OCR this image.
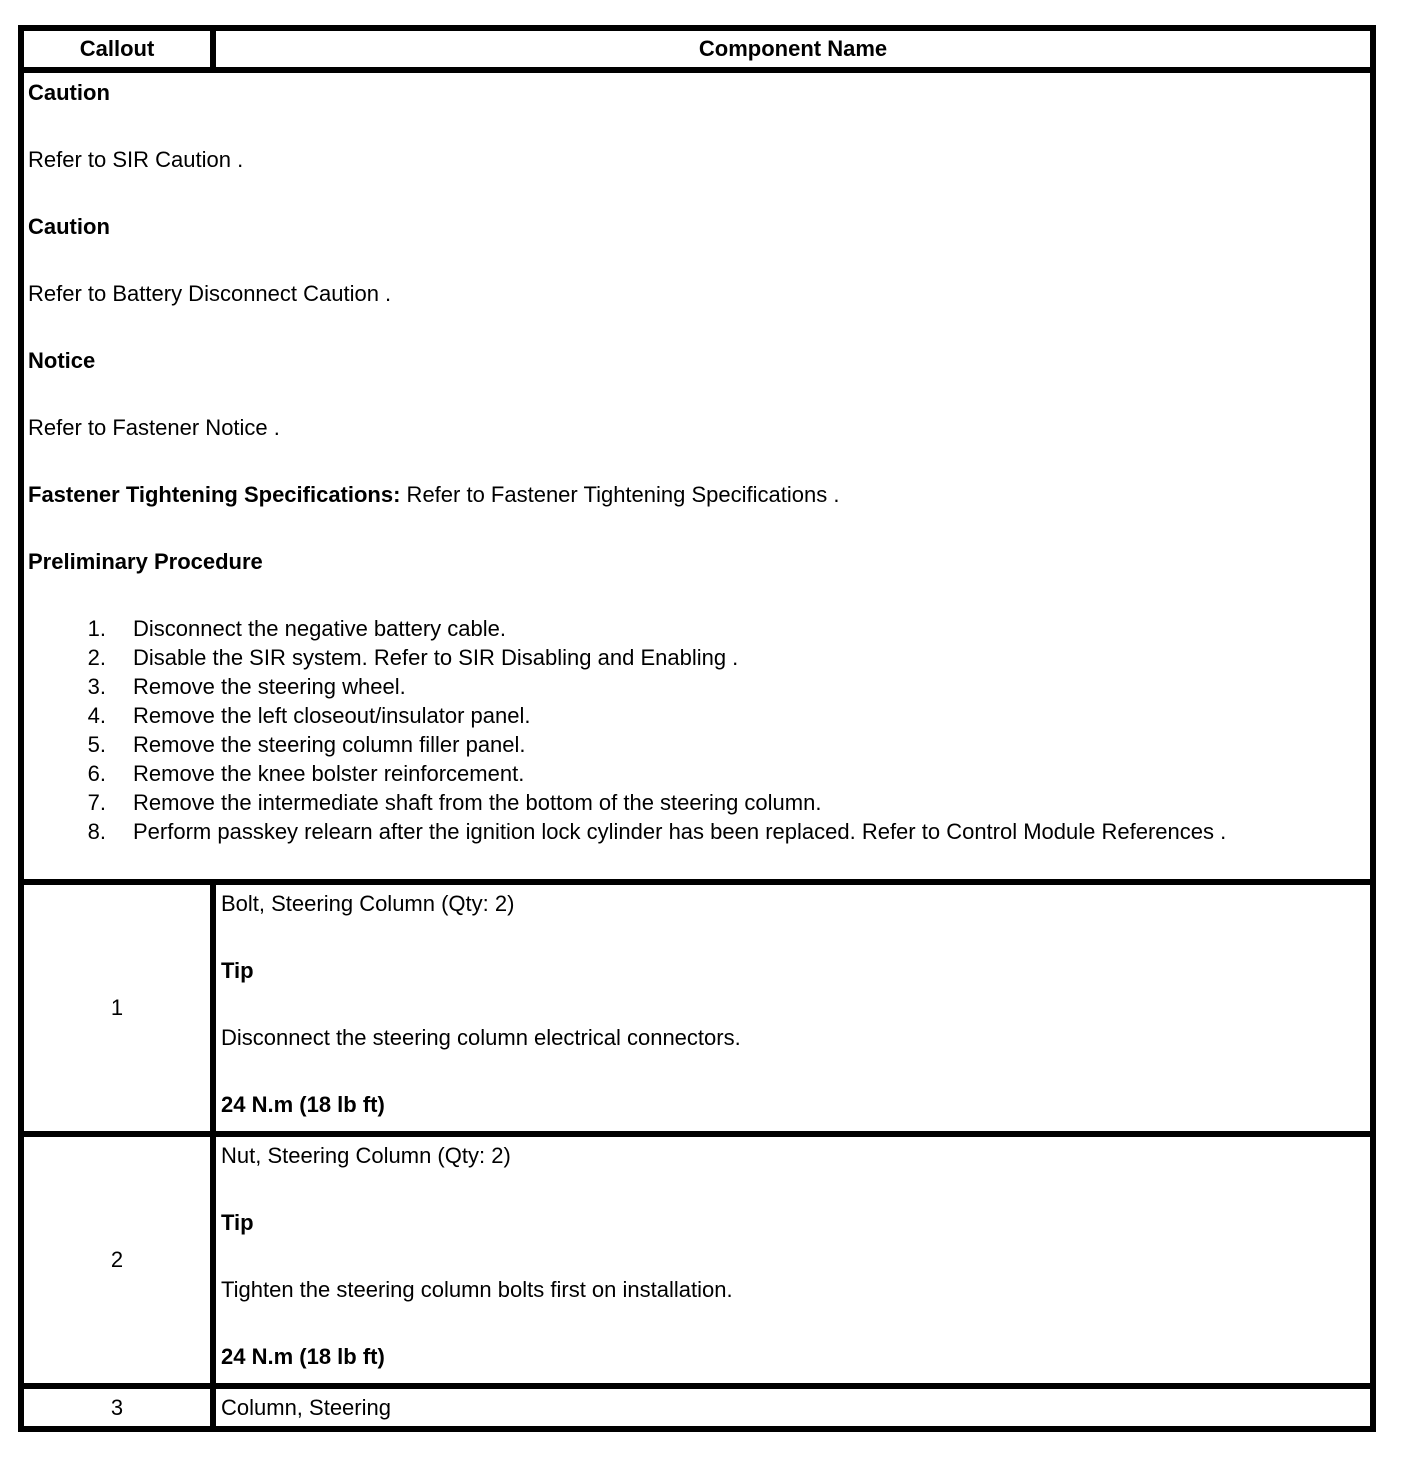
Callout	Component Name

Caution

Refer to SIR Caution .

Caution

Refer to Battery Disconnect Caution .

Notice

Refer to Fastener Notice .

Fastener Tightening Specifications: Refer to Fastener Tightening Specifications .

Preliminary Procedure

1. Disconnect the negative battery cable.
2. Disable the SIR system. Refer to SIR Disabling and Enabling .
3. Remove the steering wheel.
4. Remove the left closeout/insulator panel.
5. Remove the steering column filler panel.
6. Remove the knee bolster reinforcement.
7. Remove the intermediate shaft from the bottom of the steering column.
8. Perform passkey relearn after the ignition lock cylinder has been replaced. Refer to Control Module References .

1	Bolt, Steering Column (Qty: 2)

Tip

Disconnect the steering column electrical connectors.

24 N.m (18 lb ft)

2	Nut, Steering Column (Qty: 2)

Tip

Tighten the steering column bolts first on installation.

24 N.m (18 lb ft)

3	Column, Steering
